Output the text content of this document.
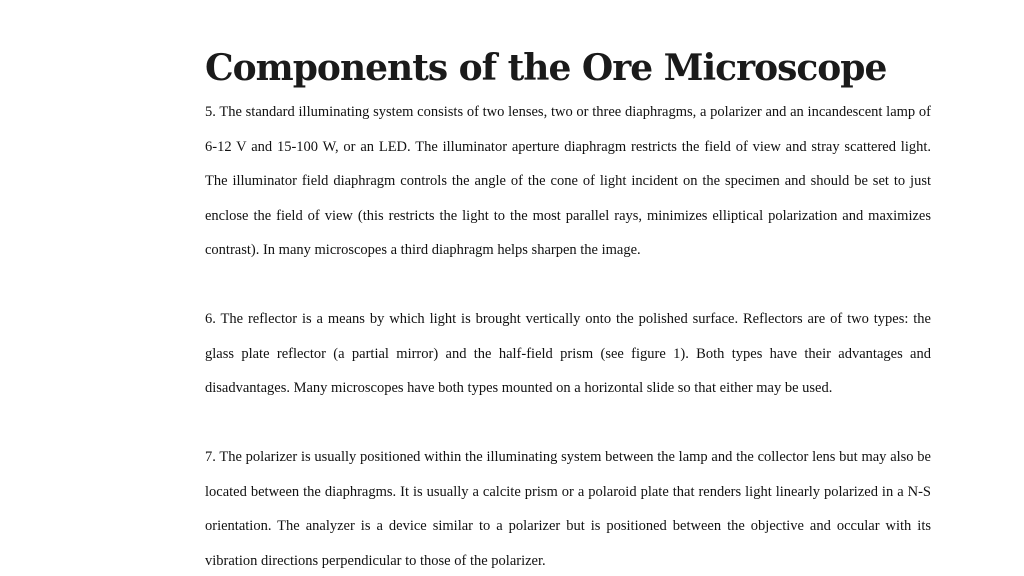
Components of the Ore Microscope

5. The standard illuminating system consists of two lenses, two or three diaphragms, a polarizer and an incandescent lamp of 6-12 V and 15-100 W, or an LED. The illuminator aperture diaphragm restricts the field of view and stray scattered light. The illuminator field diaphragm controls the angle of the cone of light incident on the specimen and should be set to just enclose the field of view (this restricts the light to the most parallel rays, minimizes elliptical polarization and maximizes contrast). In many microscopes a third diaphragm helps sharpen the image.

6. The reflector is a means by which light is brought vertically onto the polished surface. Reflectors are of two types: the glass plate reflector (a partial mirror) and the half-field prism (see figure 1). Both types have their advantages and disadvantages. Many microscopes have both types mounted on a horizontal slide so that either may be used.

7. The polarizer is usually positioned within the illuminating system between the lamp and the collector lens but may also be located between the diaphragms. It is usually a calcite prism or a polaroid plate that renders light linearly polarized in a N-S orientation. The analyzer is a device similar to a polarizer but is positioned between the objective and occular with its vibration directions perpendicular to those of the polarizer.
